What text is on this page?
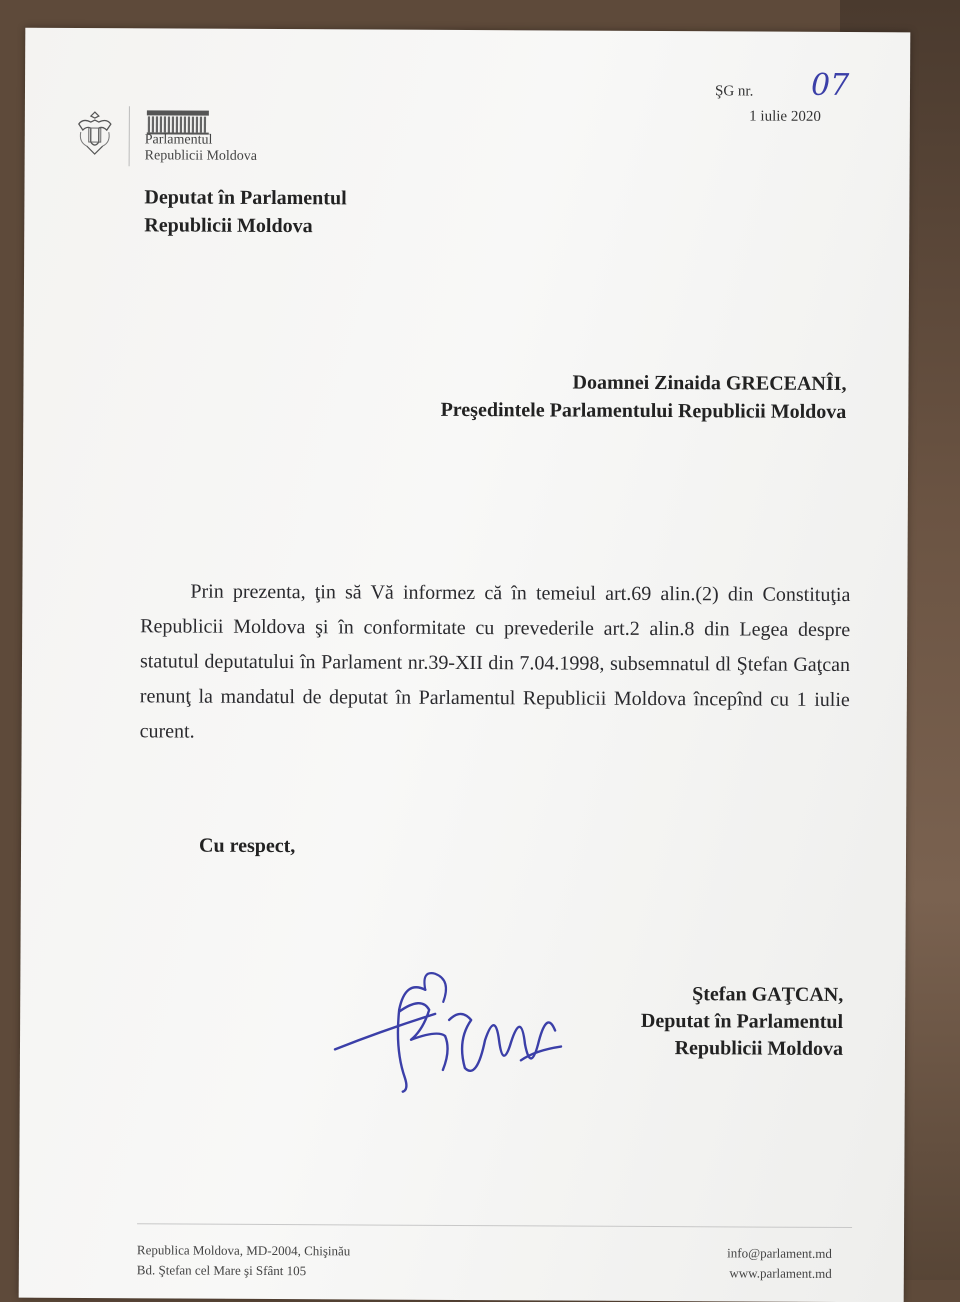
ŞG nr. 07
1 iulie 2020
Parlamentul
Republicii Moldova
Deputat în Parlamentul
Republicii Moldova
Doamnei Zinaida GRECEANÎI,
Preşedintele Parlamentului Republicii Moldova
Prin prezenta, ţin să Vă informez că în temeiul art.69 alin.(2) din Constituţia Republicii Moldova şi în conformitate cu prevederile art.2 alin.8 din Legea despre statutul deputatului în Parlament nr.39-XII din 7.04.1998, subsemnatul dl Ştefan Gaţcan renunţ la mandatul de deputat în Parlamentul Republicii Moldova începînd cu 1 iulie curent.
Cu respect,
Ştefan GAŢCAN,
Deputat în Parlamentul
Republicii Moldova
Republica Moldova, MD-2004, Chişinău
Bd. Ştefan cel Mare şi Sfânt 105
info@parlament.md
www.parlament.md
